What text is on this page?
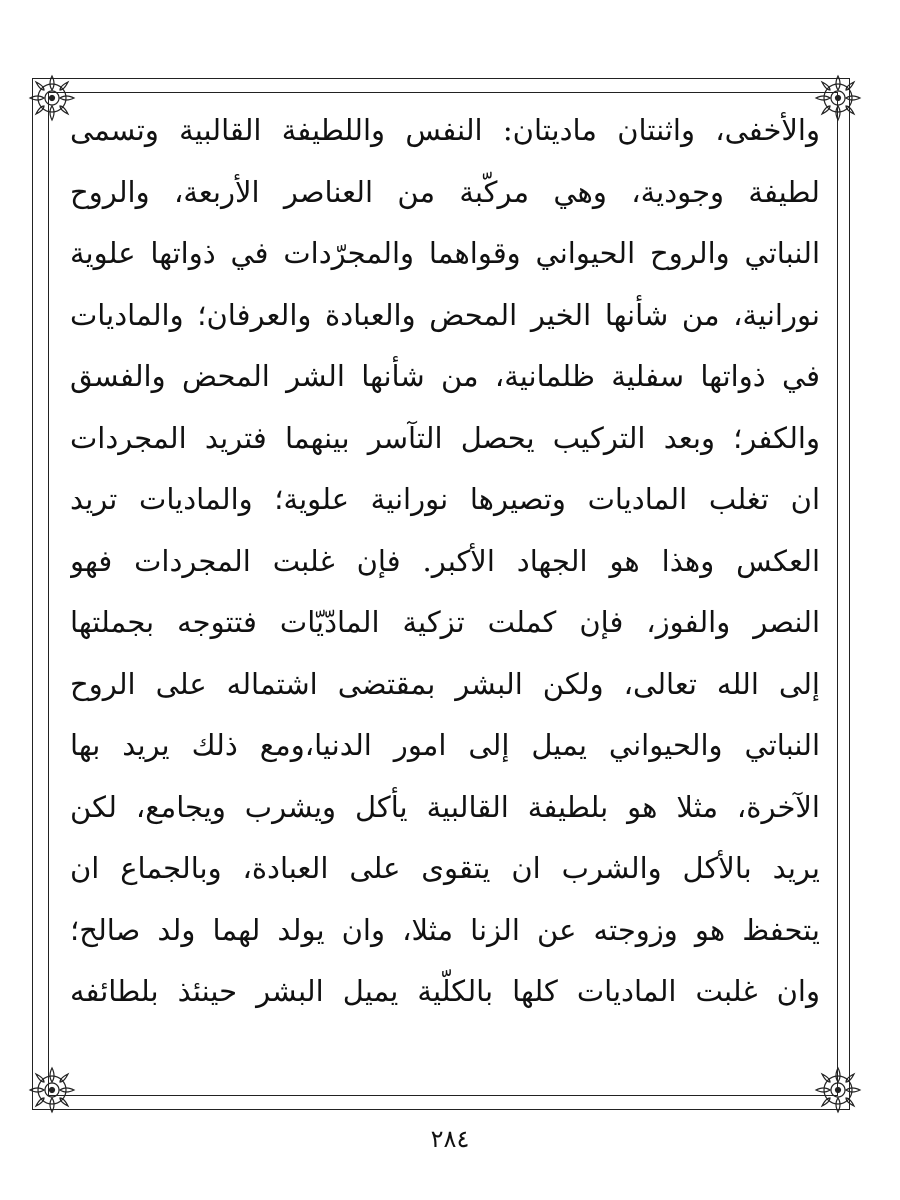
والأخفى، واثنتان ماديتان: النفس واللطيفة القالبية وتسمى
لطيفة وجودية، وهي مركّبة من العناصر الأربعة، والروح
النباتي والروح الحيواني وقواهما والمجرّدات في ذواتها علوية
نورانية، من شأنها الخير المحض والعبادة والعرفان؛ والماديات
في ذواتها سفلية ظلمانية، من شأنها الشر المحض والفسق
والكفر؛ وبعد التركيب يحصل التآسر بينهما فتريد المجردات
ان تغلب الماديات وتصيرها نورانية علوية؛ والماديات تريد
العكس وهذا هو الجهاد الأكبر. فإن غلبت المجردات فهو
النصر والفوز، فإن كملت تزكية المادّيّات فتتوجه بجملتها
إلى الله تعالى، ولكن البشر بمقتضى اشتماله على الروح
النباتي والحيواني يميل إلى امور الدنيا،ومع ذلك يريد بها
الآخرة، مثلا هو بلطيفة القالبية يأكل ويشرب ويجامع، لكن
يريد بالأكل والشرب ان يتقوى على العبادة، وبالجماع ان
يتحفظ هو وزوجته عن الزنا مثلا، وان يولد لهما ولد صالح؛
وان غلبت الماديات كلها بالكلّية يميل البشر حينئذ بلطائفه
٢٨٤
